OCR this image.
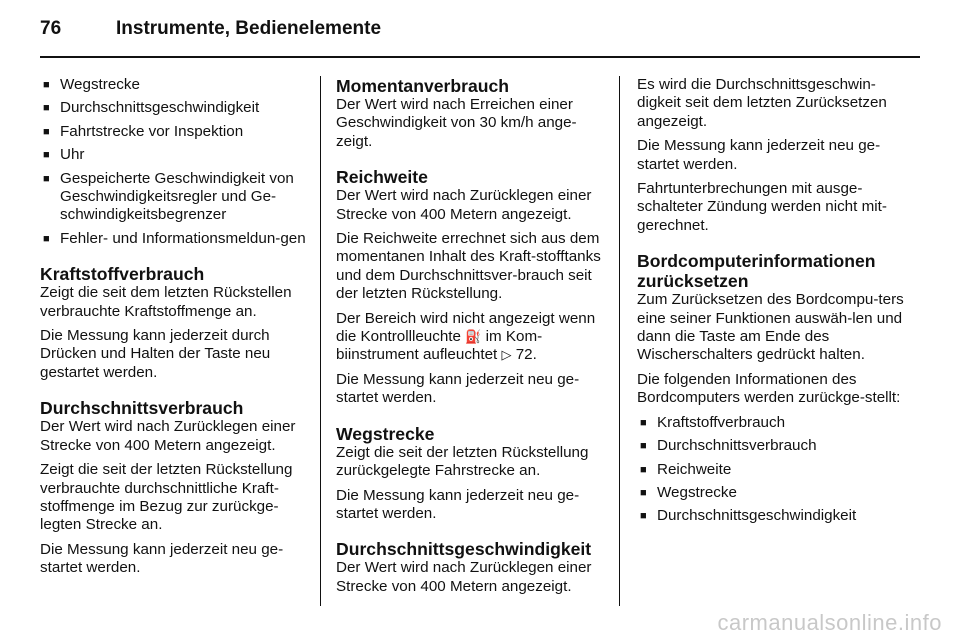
76	Instrumente, Bedienelemente
■ Wegstrecke
■ Durchschnittsgeschwindigkeit
■ Fahrtstrecke vor Inspektion
■ Uhr
■ Gespeicherte Geschwindigkeit von Geschwindigkeitsregler und Ge-schwindigkeitsbegrenzer
■ Fehler- und Informationsmeldun-gen
Kraftstoffverbrauch

Zeigt die seit dem letzten Rückstellen verbrauchte Kraftstoffmenge an.

Die Messung kann jederzeit durch Drücken und Halten der Taste neu gestartet werden.

Durchschnittsverbrauch

Der Wert wird nach Zurücklegen einer Strecke von 400 Metern angezeigt.

Zeigt die seit der letzten Rückstellung verbrauchte durchschnittliche Kraft-stoffmenge im Bezug zur zurückge-legten Strecke an.

Die Messung kann jederzeit neu ge-startet werden.

Momentanverbrauch

Der Wert wird nach Erreichen einer Geschwindigkeit von 30 km/h ange-zeigt.

Reichweite

Der Wert wird nach Zurücklegen einer Strecke von 400 Metern angezeigt.

Die Reichweite errechnet sich aus dem momentanen Inhalt des Kraft-stofftanks und dem Durchschnittsver-brauch seit der letzten Rückstellung.

Der Bereich wird nicht angezeigt wenn die Kontrollleuchte ⛽ im Kom-biinstrument aufleuchtet ▷ 72.

Die Messung kann jederzeit neu ge-startet werden.

Wegstrecke

Zeigt die seit der letzten Rückstellung zurückgelegte Fahrstrecke an.

Die Messung kann jederzeit neu ge-startet werden.

Durchschnittsgeschwindigkeit

Der Wert wird nach Zurücklegen einer Strecke von 400 Metern angezeigt.

Es wird die Durchschnittsgeschwin-digkeit seit dem letzten Zurücksetzen angezeigt.

Die Messung kann jederzeit neu ge-startet werden.

Fahrtunterbrechungen mit ausge-schalteter Zündung werden nicht mit-gerechnet.

Bordcomputerinformationen zurücksetzen

Zum Zurücksetzen des Bordcompu-ters eine seiner Funktionen auswäh-len und dann die Taste am Ende des Wischerschalters gedrückt halten.

Die folgenden Informationen des Bordcomputers werden zurückge-stellt:

■ Kraftstoffverbrauch
■ Durchschnittsverbrauch
■ Reichweite
■ Wegstrecke
■ Durchschnittsgeschwindigkeit
carmanualsonline.info
